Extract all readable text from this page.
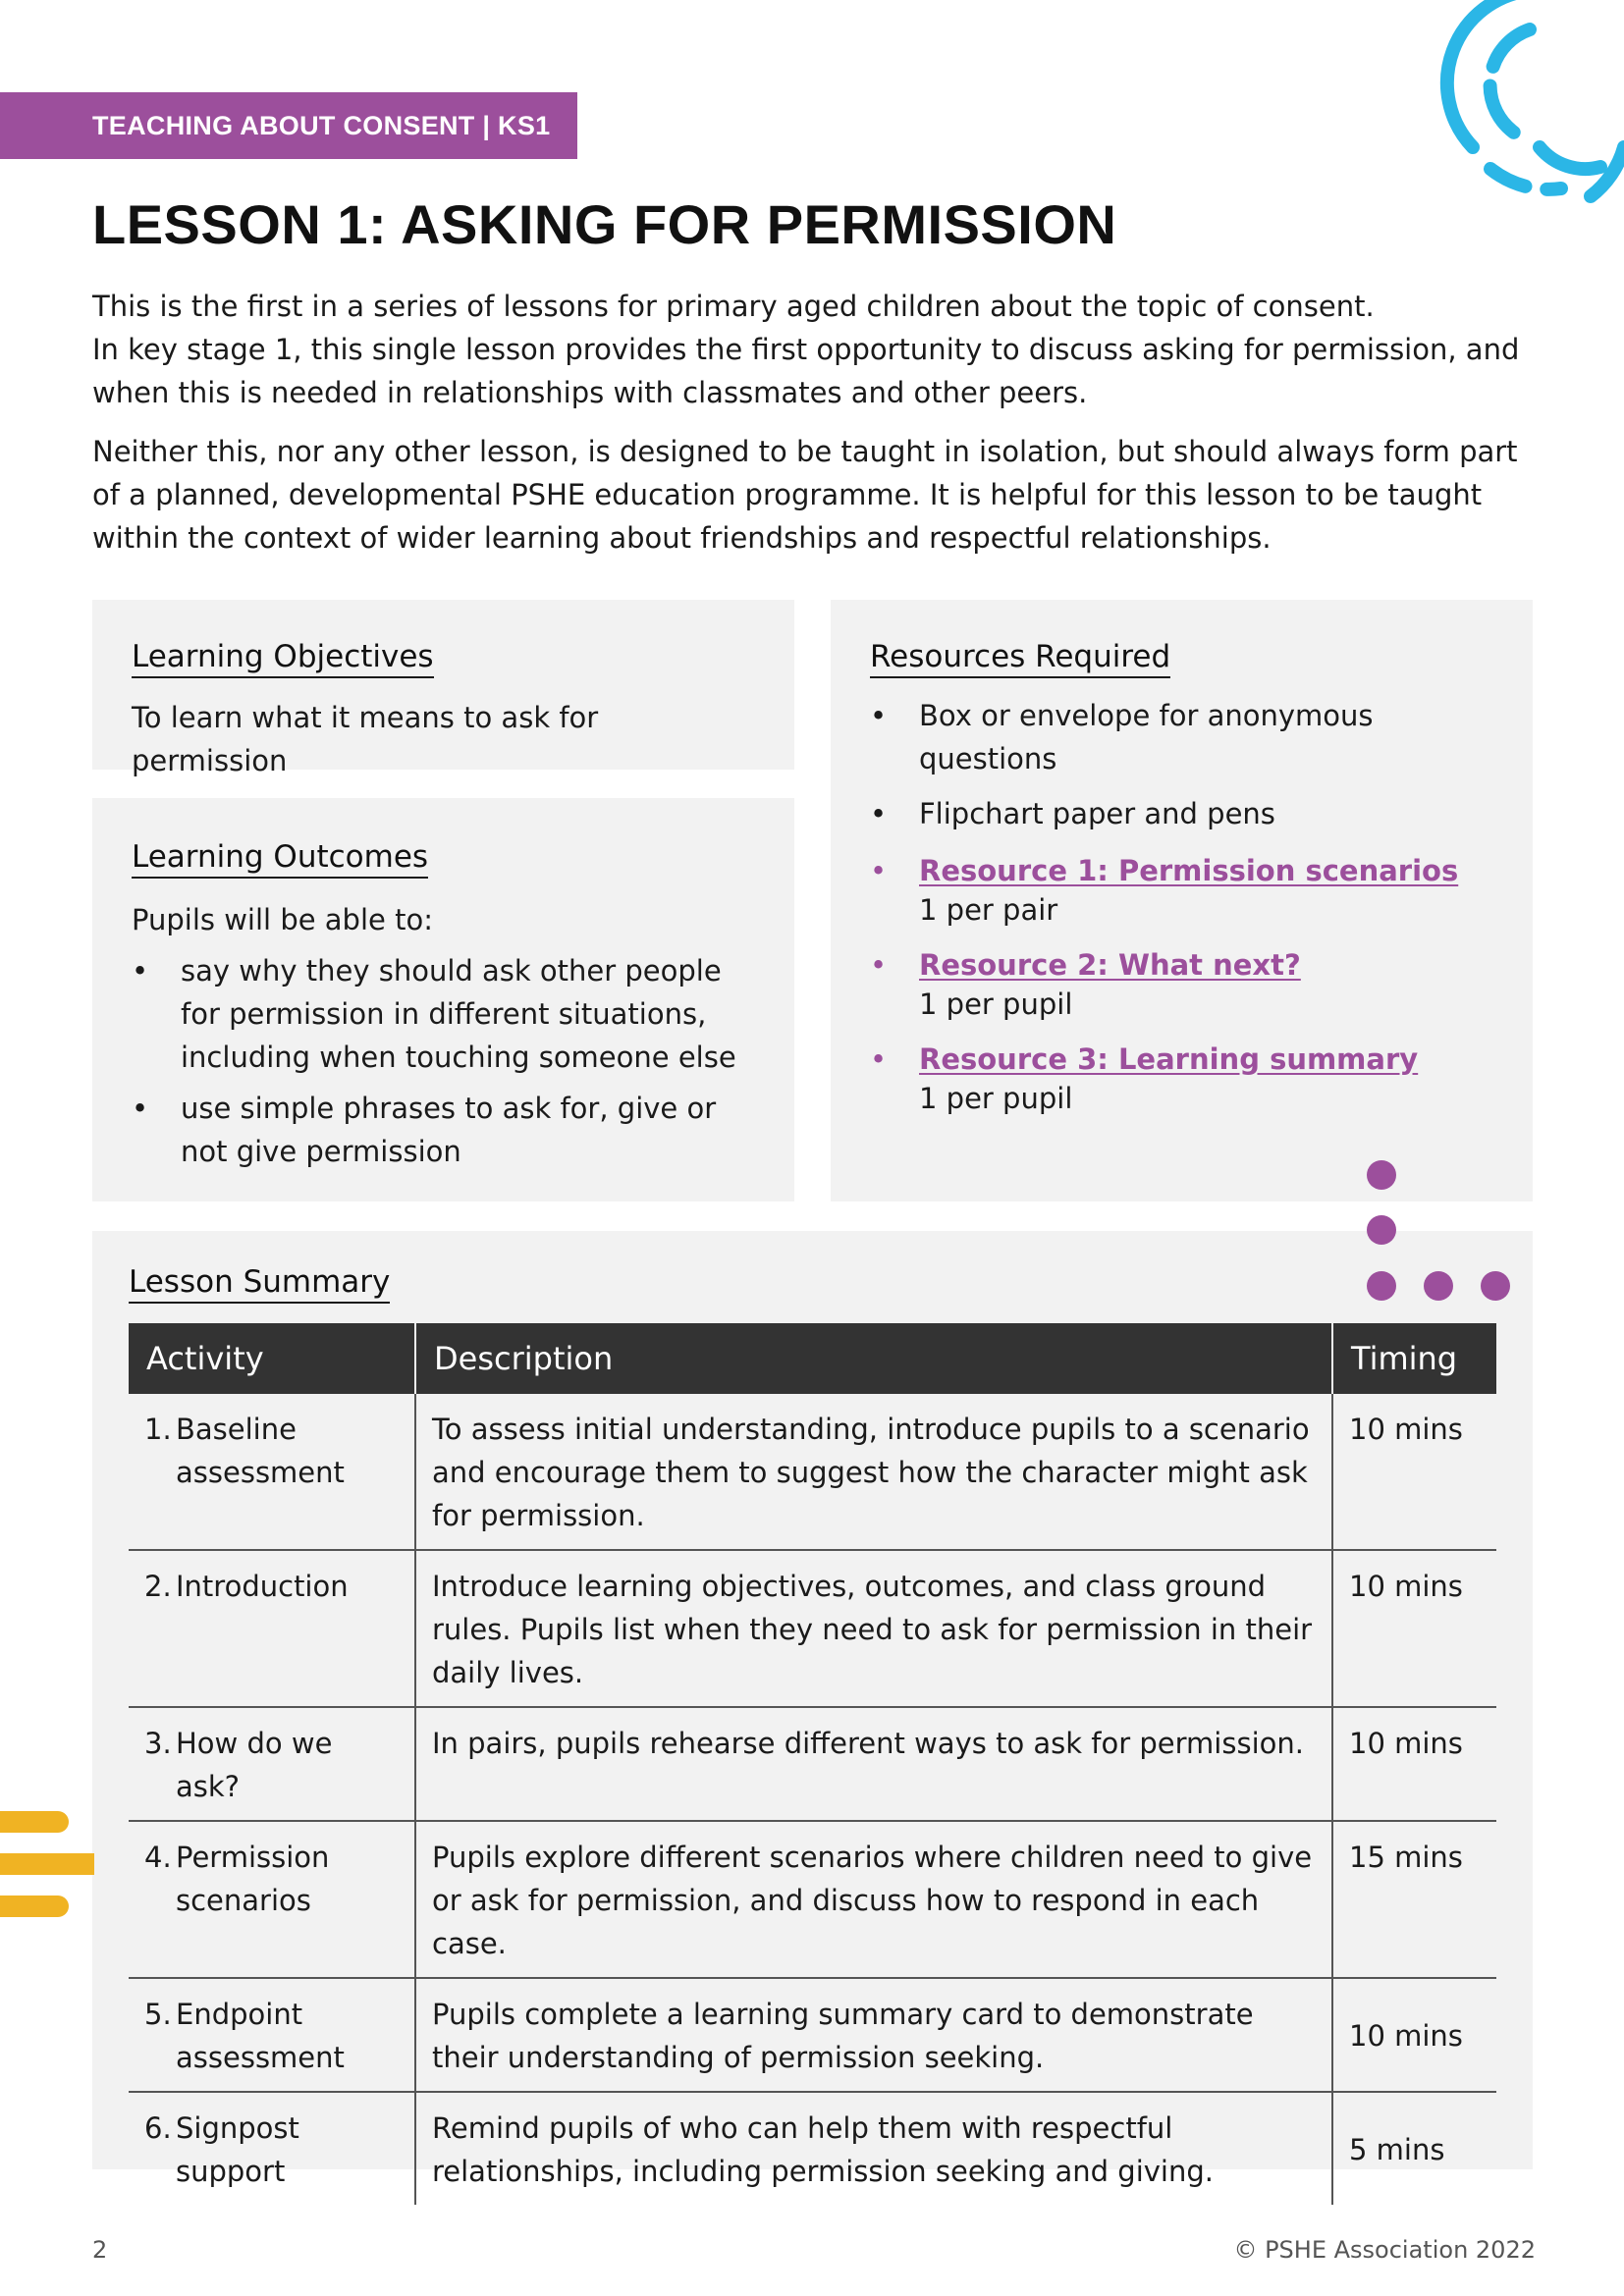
TEACHING ABOUT CONSENT | KS1
LESSON 1: ASKING FOR PERMISSION

This is the first in a series of lessons for primary aged children about the topic of consent.
In key stage 1, this single lesson provides the first opportunity to discuss asking for permission, and when this is needed in relationships with classmates and other peers.

Neither this, nor any other lesson, is designed to be taught in isolation, but should always form part of a planned, developmental PSHE education programme. It is helpful for this lesson to be taught within the context of wider learning about friendships and respectful relationships.

Learning Objectives

To learn what it means to ask for permission

Learning Outcomes

Pupils will be able to:

• say why they should ask other people for permission in different situations, including when touching someone else
• use simple phrases to ask for, give or not give permission
Resources Required
• Box or envelope for anonymous questions
• Flipchart paper and pens
• Resource 1: Permission scenarios
1 per pair
• Resource 2: What next?
1 per pupil
• Resource 3: Learning summary
1 per pupil
Lesson Summary
Activity	Description	Timing

1. Baseline assessment	To assess initial understanding, introduce pupils to a scenario and encourage them to suggest how the character might ask for permission.	10 mins

2. Introduction	Introduce learning objectives, outcomes, and class ground rules. Pupils list when they need to ask for permission in their daily lives.	10 mins

3. How do we ask?	In pairs, pupils rehearse different ways to ask for permission.	10 mins

4. Permission scenarios	Pupils explore different scenarios where children need to give or ask for permission, and discuss how to respond in each case.	15 mins

5. Endpoint assessment	Pupils complete a learning summary card to demonstrate their understanding of permission seeking.	10 mins

6. Signpost support	Remind pupils of who can help them with respectful relationships, including permission seeking and giving.	5 mins
2	© PSHE Association 2022
